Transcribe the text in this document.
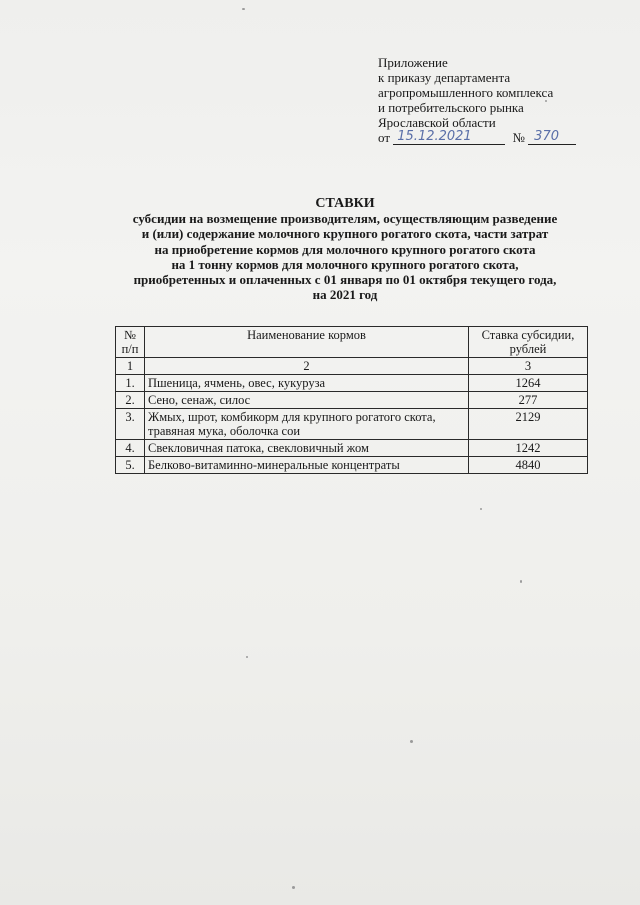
Приложение
к приказу департамента
агропромышленного комплекса
и потребительского рынка
Ярославской области
от 15.12.2021	№ 370
СТАВКИ
субсидии на возмещение производителям, осуществляющим разведение
и (или) содержание молочного крупного рогатого скота, части затрат
на приобретение кормов для молочного крупного рогатого скота
на 1 тонну кормов для молочного крупного рогатого скота,
приобретенных и оплаченных с 01 января по 01 октября текущего года,
на 2021 год
№ п/п	Наименование кормов	Ставка субсидии, рублей
1	2	3
1.	Пшеница, ячмень, овес, кукуруза	1264
2.	Сено, сенаж, силос	277
3.	Жмых, шрот, комбикорм для крупного рогатого скота, травяная мука, оболочка сои	2129
4.	Свекловичная патока, свекловичный жом	1242
5.	Белково-витаминно-минеральные концентраты	4840
